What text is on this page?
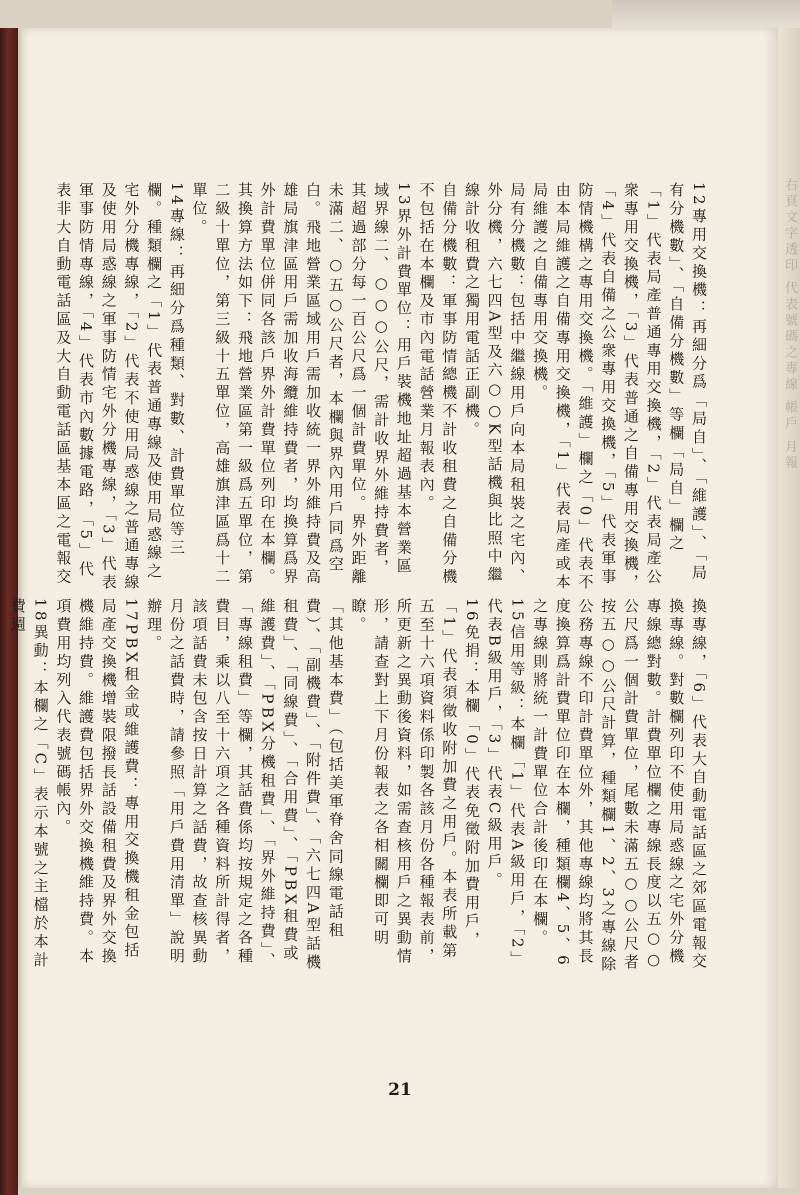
右頁文字透印 代表號碼之專線 帳戶 月報

12專用交換機：再細分爲「局自」、「維護」、「局有分機數」、「自備分機數」等欄「局自」欄之「1」代表局產普通專用交換機，「2」代表局產公衆專用交換機，「3」代表普通之自備專用交換機，「4」代表自備之公衆專用交換機，「5」代表軍事防情機構之專用交換機。「維護」欄之「0」代表不由本局維護之自備專用交換機，「1」代表局產或本局維護之自備專用交換機。

局有分機數：包括中繼線用戶向本局租裝之宅內、外分機，六七四A型及六○○K型話機與比照中繼線計收租費之獨用電話正副機。

自備分機數：軍事防情總機不計收租費之自備分機不包括在本欄及市內電話營業月報表內。

13界外計費單位：用戶裝機地址超過基本營業區域界線二、○○○公尺，需計收界外維持費者，其超過部分每一百公尺爲一個計費單位。界外距離未滿二、○五○公尺者，本欄與界內用戶同爲空白。飛地營業區域用戶需加收統一界外維持費及高雄局旗津區用戶需加收海纜維持費者，均換算爲界外計費單位併同各該戶界外計費單位列印在本欄。其換算方法如下：飛地營業區第一級爲五單位，第二級十單位，第三級十五單位，高雄旗津區爲十二單位。

14專線：再細分爲種類、對數、計費單位等三欄。種類欄之「1」代表普通專線及使用局惑線之宅外分機專線，「2」代表不使用局惑線之普通專線及使用局惑線之軍事防情宅外分機專線，「3」代表軍事防情專線，「4」代表市內數據電路，「5」代表非大自動電話區及大自動電話區基本區之電報交

換專線，「6」代表大自動電話區之郊區電報交換專線。對數欄列印不使用局惑線之宅外分機專線總對數。計費單位欄之專線長度以五○○公尺爲一個計費單位，尾數未滿五○○公尺者按五○○公尺計算，種類欄1、2、3之專線除公務專線不印計費單位外，其他專線均將其長度換算爲計費單位印在本欄，種類欄4、5、6之專線則將統一計費單位合計後印在本欄。

15信用等級：本欄「1」代表A級用戶，「2」代表B級用戶，「3」代表C級用戶。

16免捐：本欄「0」代表免徵附加費用戶，「1」代表須徵收附加費之用戶。本表所載第五至十六項資料係印製各該月份各種報表前，所更新之異動後資料，如需查核用戶之異動情形，請查對上下月份報表之各相關欄即可明瞭。

「其他基本費」（包括美軍脊舍同線電話租費）、「副機費」、「附件費」、「六七四A型話機租費」、「同線費」、「合用費」、「PBX租費或維護費」、「PBX分機租費」、「界外維持費」、「專線租費」等欄，其話費係均按規定之各種費目，乘以八至十六項之各種資料所計得者，該項話費未包含按日計算之話費，故查核異動月份之話費時，請參照「用戶費用清單」說明辦理。

17PBX租金或維護費：專用交換機租金包括局產交換機增裝限撥長話設備租費及界外交換機維持費。維護費包括界外交換機維持費。本項費用均列入代表號碼帳內。

18異動：本欄之「C」表示本號之主檔於本計費週

21
